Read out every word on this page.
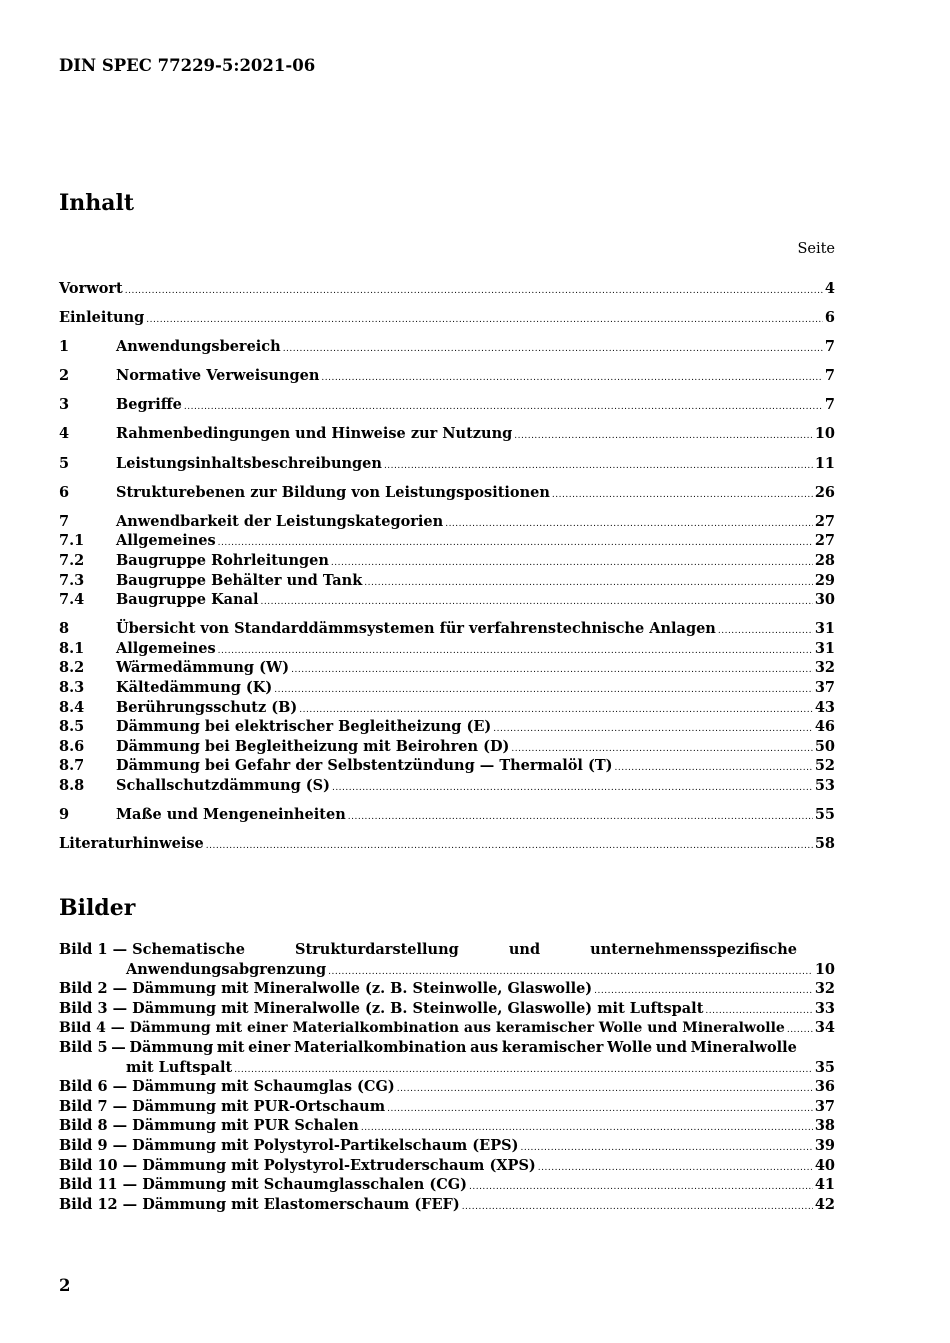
DIN SPEC 77229-5:2021-06
Inhalt
Seite
Vorwort .....	4
Einleitung .....	6
1	Anwendungsbereich .....	7
2	Normative Verweisungen .....	7
3	Begriffe .....	7
4	Rahmenbedingungen und Hinweise zur Nutzung .....	10
5	Leistungsinhaltsbeschreibungen .....	11
6	Strukturebenen zur Bildung von Leistungspositionen .....	26
7	Anwendbarkeit der Leistungskategorien .....	27
7.1	Allgemeines .....	27
7.2	Baugruppe Rohrleitungen .....	28
7.3	Baugruppe Behälter und Tank .....	29
7.4	Baugruppe Kanal .....	30
8	Übersicht von Standarddämmsystemen für verfahrenstechnische Anlagen .....	31
8.1	Allgemeines .....	31
8.2	Wärmedämmung (W) .....	32
8.3	Kältedämmung (K) .....	37
8.4	Berührungsschutz (B) .....	43
8.5	Dämmung bei elektrischer Begleitheizung (E) .....	46
8.6	Dämmung bei Begleitheizung mit Beirohren (D) .....	50
8.7	Dämmung bei Gefahr der Selbstentzündung — Thermalöl (T) .....	52
8.8	Schallschutzdämmung (S) .....	53
9	Maße und Mengeneinheiten .....	55
Literaturhinweise .....	58
Bilder
Bild 1 — Schematische	Strukturdarstellung	und	unternehmensspezifische
Anwendungsabgrenzung .....	10
Bild 2 — Dämmung mit Mineralwolle (z. B. Steinwolle, Glaswolle) .....	32
Bild 3 — Dämmung mit Mineralwolle (z. B. Steinwolle, Glaswolle) mit Luftspalt .....	33
Bild 4 — Dämmung mit einer Materialkombination aus keramischer Wolle und Mineralwolle ..... 34
Bild 5 — Dämmung mit einer Materialkombination aus keramischer Wolle und Mineralwolle
mit Luftspalt .....	35
Bild 6 — Dämmung mit Schaumglas (CG) .....	36
Bild 7 — Dämmung mit PUR-Ortschaum .....	37
Bild 8 — Dämmung mit PUR Schalen .....	38
Bild 9 — Dämmung mit Polystyrol-Partikelschaum (EPS) .....	39
Bild 10 — Dämmung mit Polystyrol-Extruderschaum (XPS) .....	40
Bild 11 — Dämmung mit Schaumglasschalen (CG) .....	41
Bild 12 — Dämmung mit Elastomerschaum (FEF) .....	42
2
